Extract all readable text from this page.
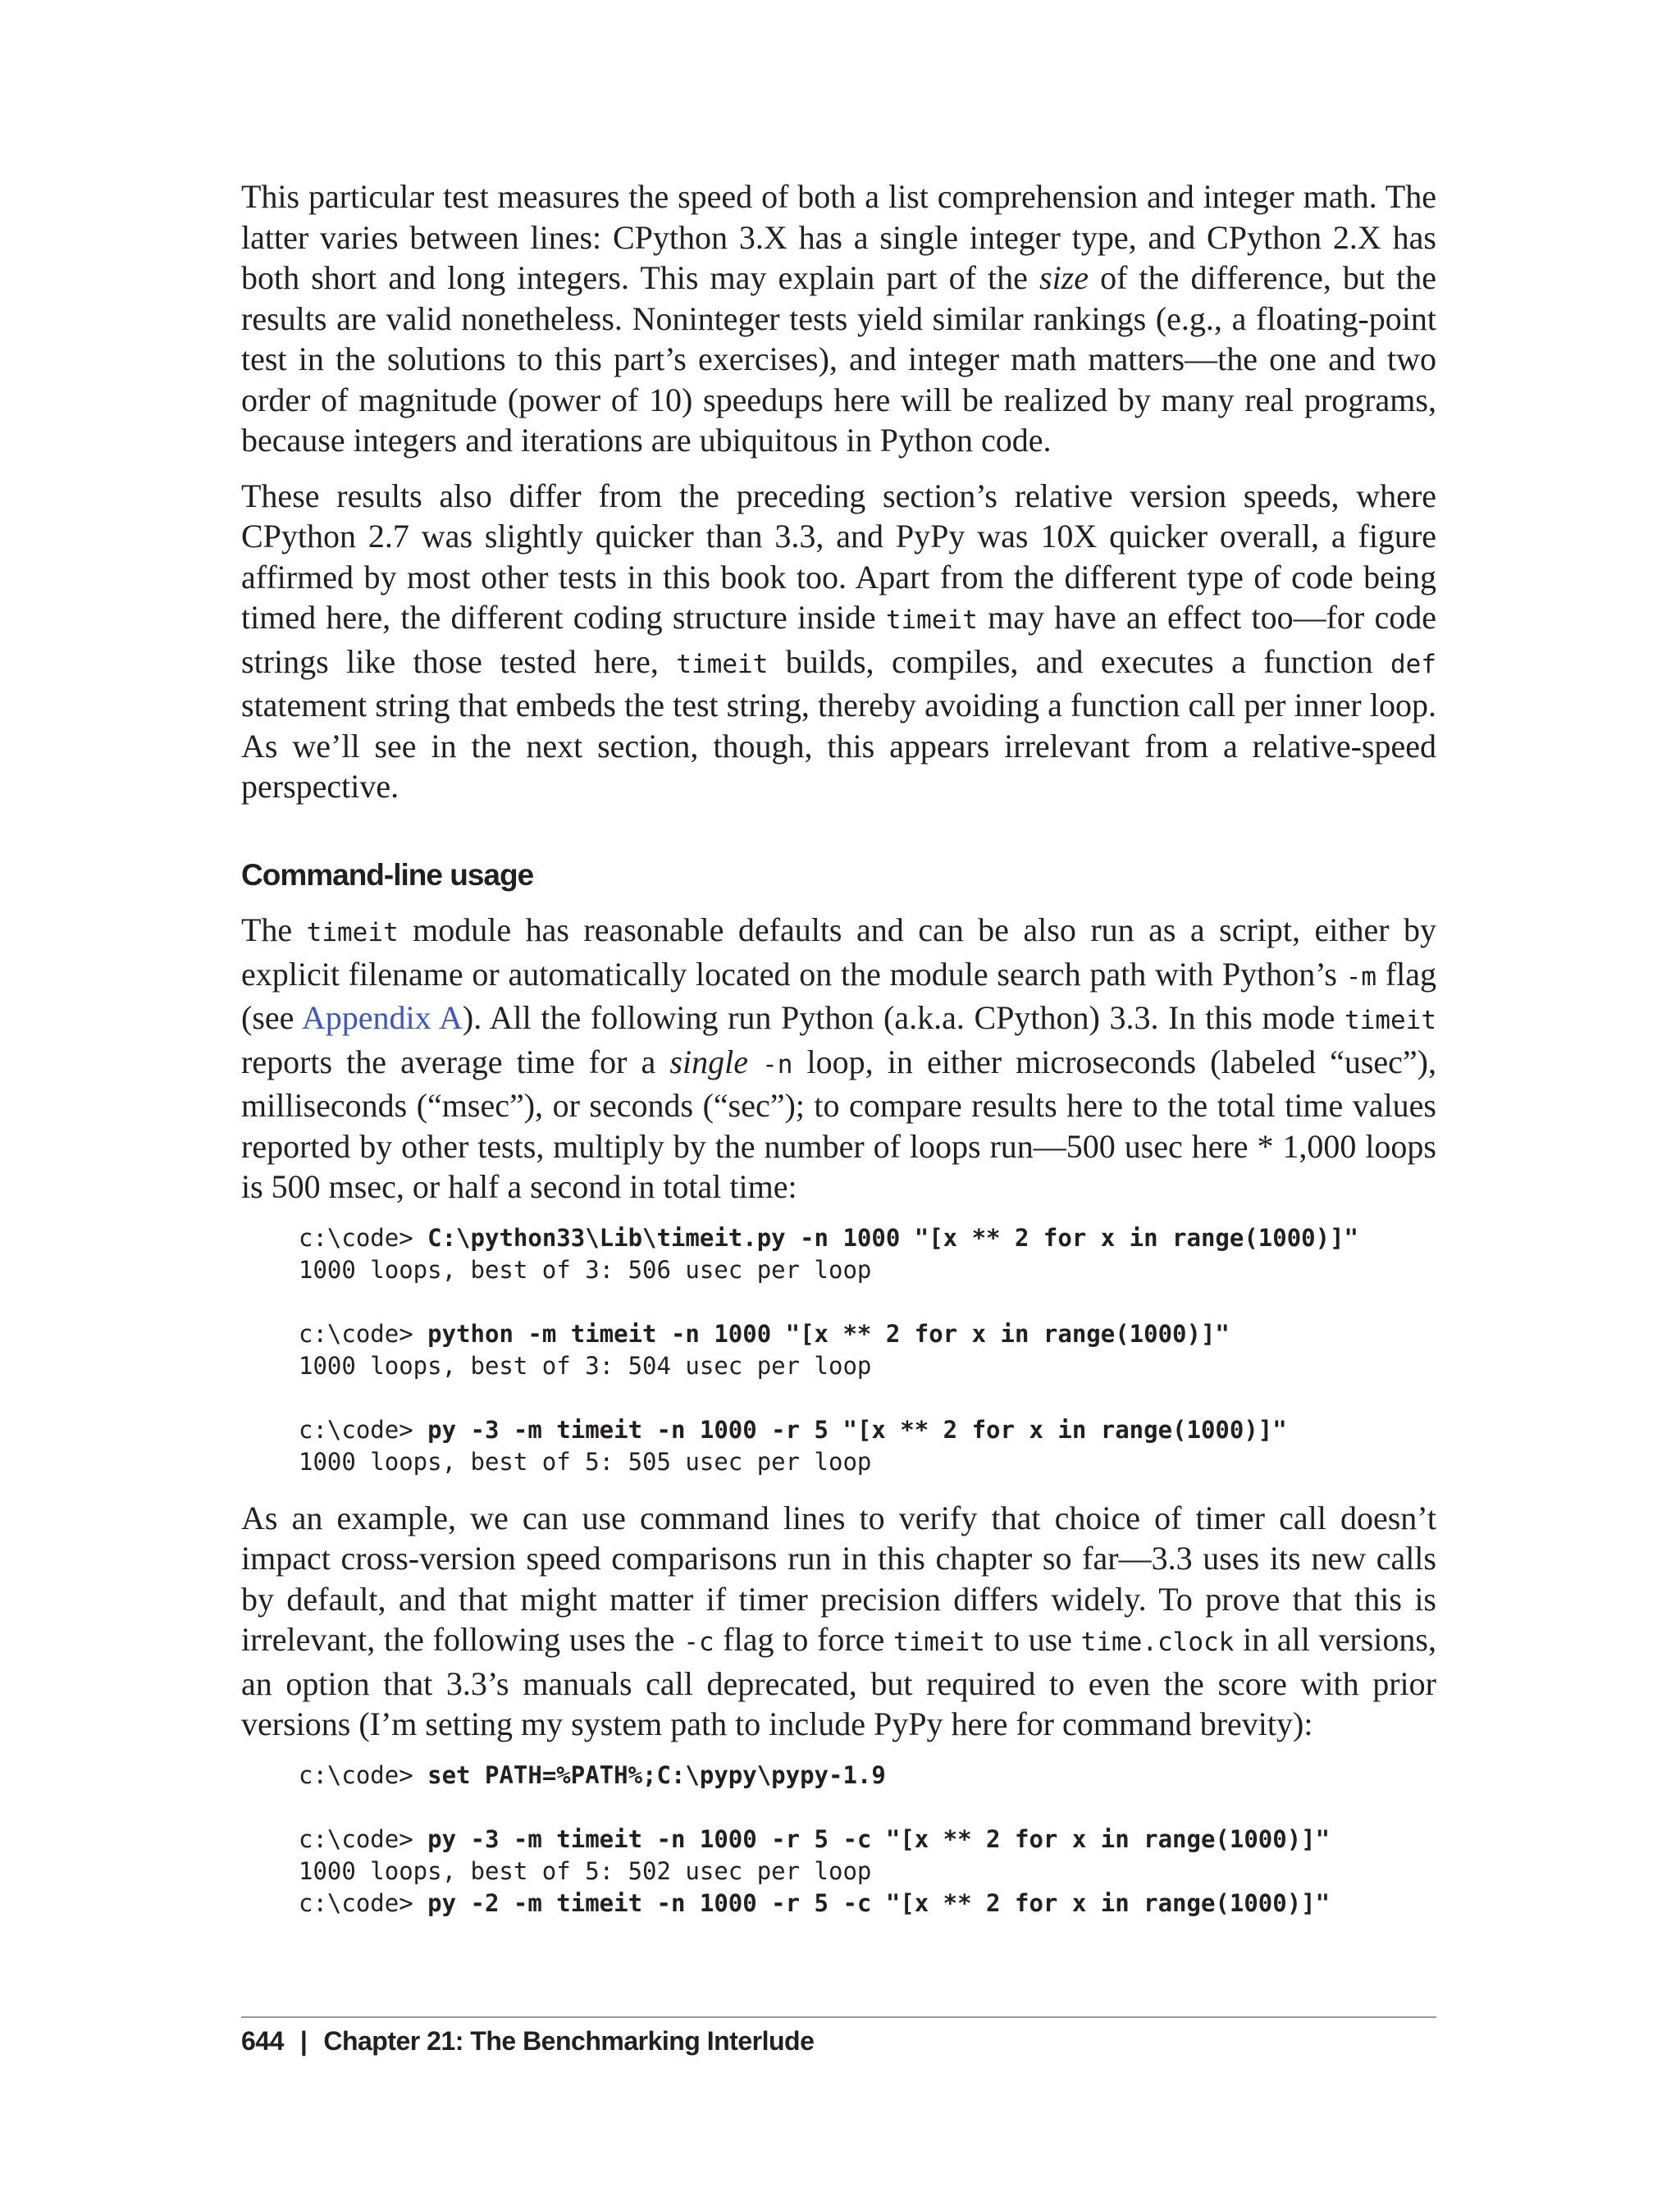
This particular test measures the speed of both a list comprehension and integer math. The latter varies between lines: CPython 3.X has a single integer type, and CPython 2.X has both short and long integers. This may explain part of the size of the difference, but the results are valid nonetheless. Noninteger tests yield similar rankings (e.g., a floating-point test in the solutions to this part’s exercises), and integer math matters—the one and two order of magnitude (power of 10) speedups here will be realized by many real programs, because integers and iterations are ubiquitous in Python code.

These results also differ from the preceding section’s relative version speeds, where CPython 2.7 was slightly quicker than 3.3, and PyPy was 10X quicker overall, a figure affirmed by most other tests in this book too. Apart from the different type of code being timed here, the different coding structure inside timeit may have an effect too—for code strings like those tested here, timeit builds, compiles, and executes a function def statement string that embeds the test string, thereby avoiding a function call per inner loop. As we’ll see in the next section, though, this appears irrelevant from a relative-speed perspective.

Command-line usage

The timeit module has reasonable defaults and can be also run as a script, either by explicit filename or automatically located on the module search path with Python’s -m flag (see Appendix A). All the following run Python (a.k.a. CPython) 3.3. In this mode timeit reports the average time for a single -n loop, in either microseconds (labeled “usec”), milliseconds (“msec”), or seconds (“sec”); to compare results here to the total time values reported by other tests, multiply by the number of loops run—500 usec here * 1,000 loops is 500 msec, or half a second in total time:

c:\code> C:\python33\Lib\timeit.py -n 1000 "[x ** 2 for x in range(1000)]"
1000 loops, best of 3: 506 usec per loop
c:\code> python -m timeit -n 1000 "[x ** 2 for x in range(1000)]"
1000 loops, best of 3: 504 usec per loop
c:\code> py -3 -m timeit -n 1000 -r 5 "[x ** 2 for x in range(1000)]"
1000 loops, best of 5: 505 usec per loop

As an example, we can use command lines to verify that choice of timer call doesn’t impact cross-version speed comparisons run in this chapter so far—3.3 uses its new calls by default, and that might matter if timer precision differs widely. To prove that this is irrelevant, the following uses the -c flag to force timeit to use time.clock in all versions, an option that 3.3’s manuals call deprecated, but required to even the score with prior versions (I’m setting my system path to include PyPy here for command brevity):

c:\code> set PATH=%PATH%;C:\pypy\pypy-1.9
c:\code> py -3 -m timeit -n 1000 -r 5 -c "[x ** 2 for x in range(1000)]"
1000 loops, best of 5: 502 usec per loop
c:\code> py -2 -m timeit -n 1000 -r 5 -c "[x ** 2 for x in range(1000)]"
644 | Chapter 21: The Benchmarking Interlude
